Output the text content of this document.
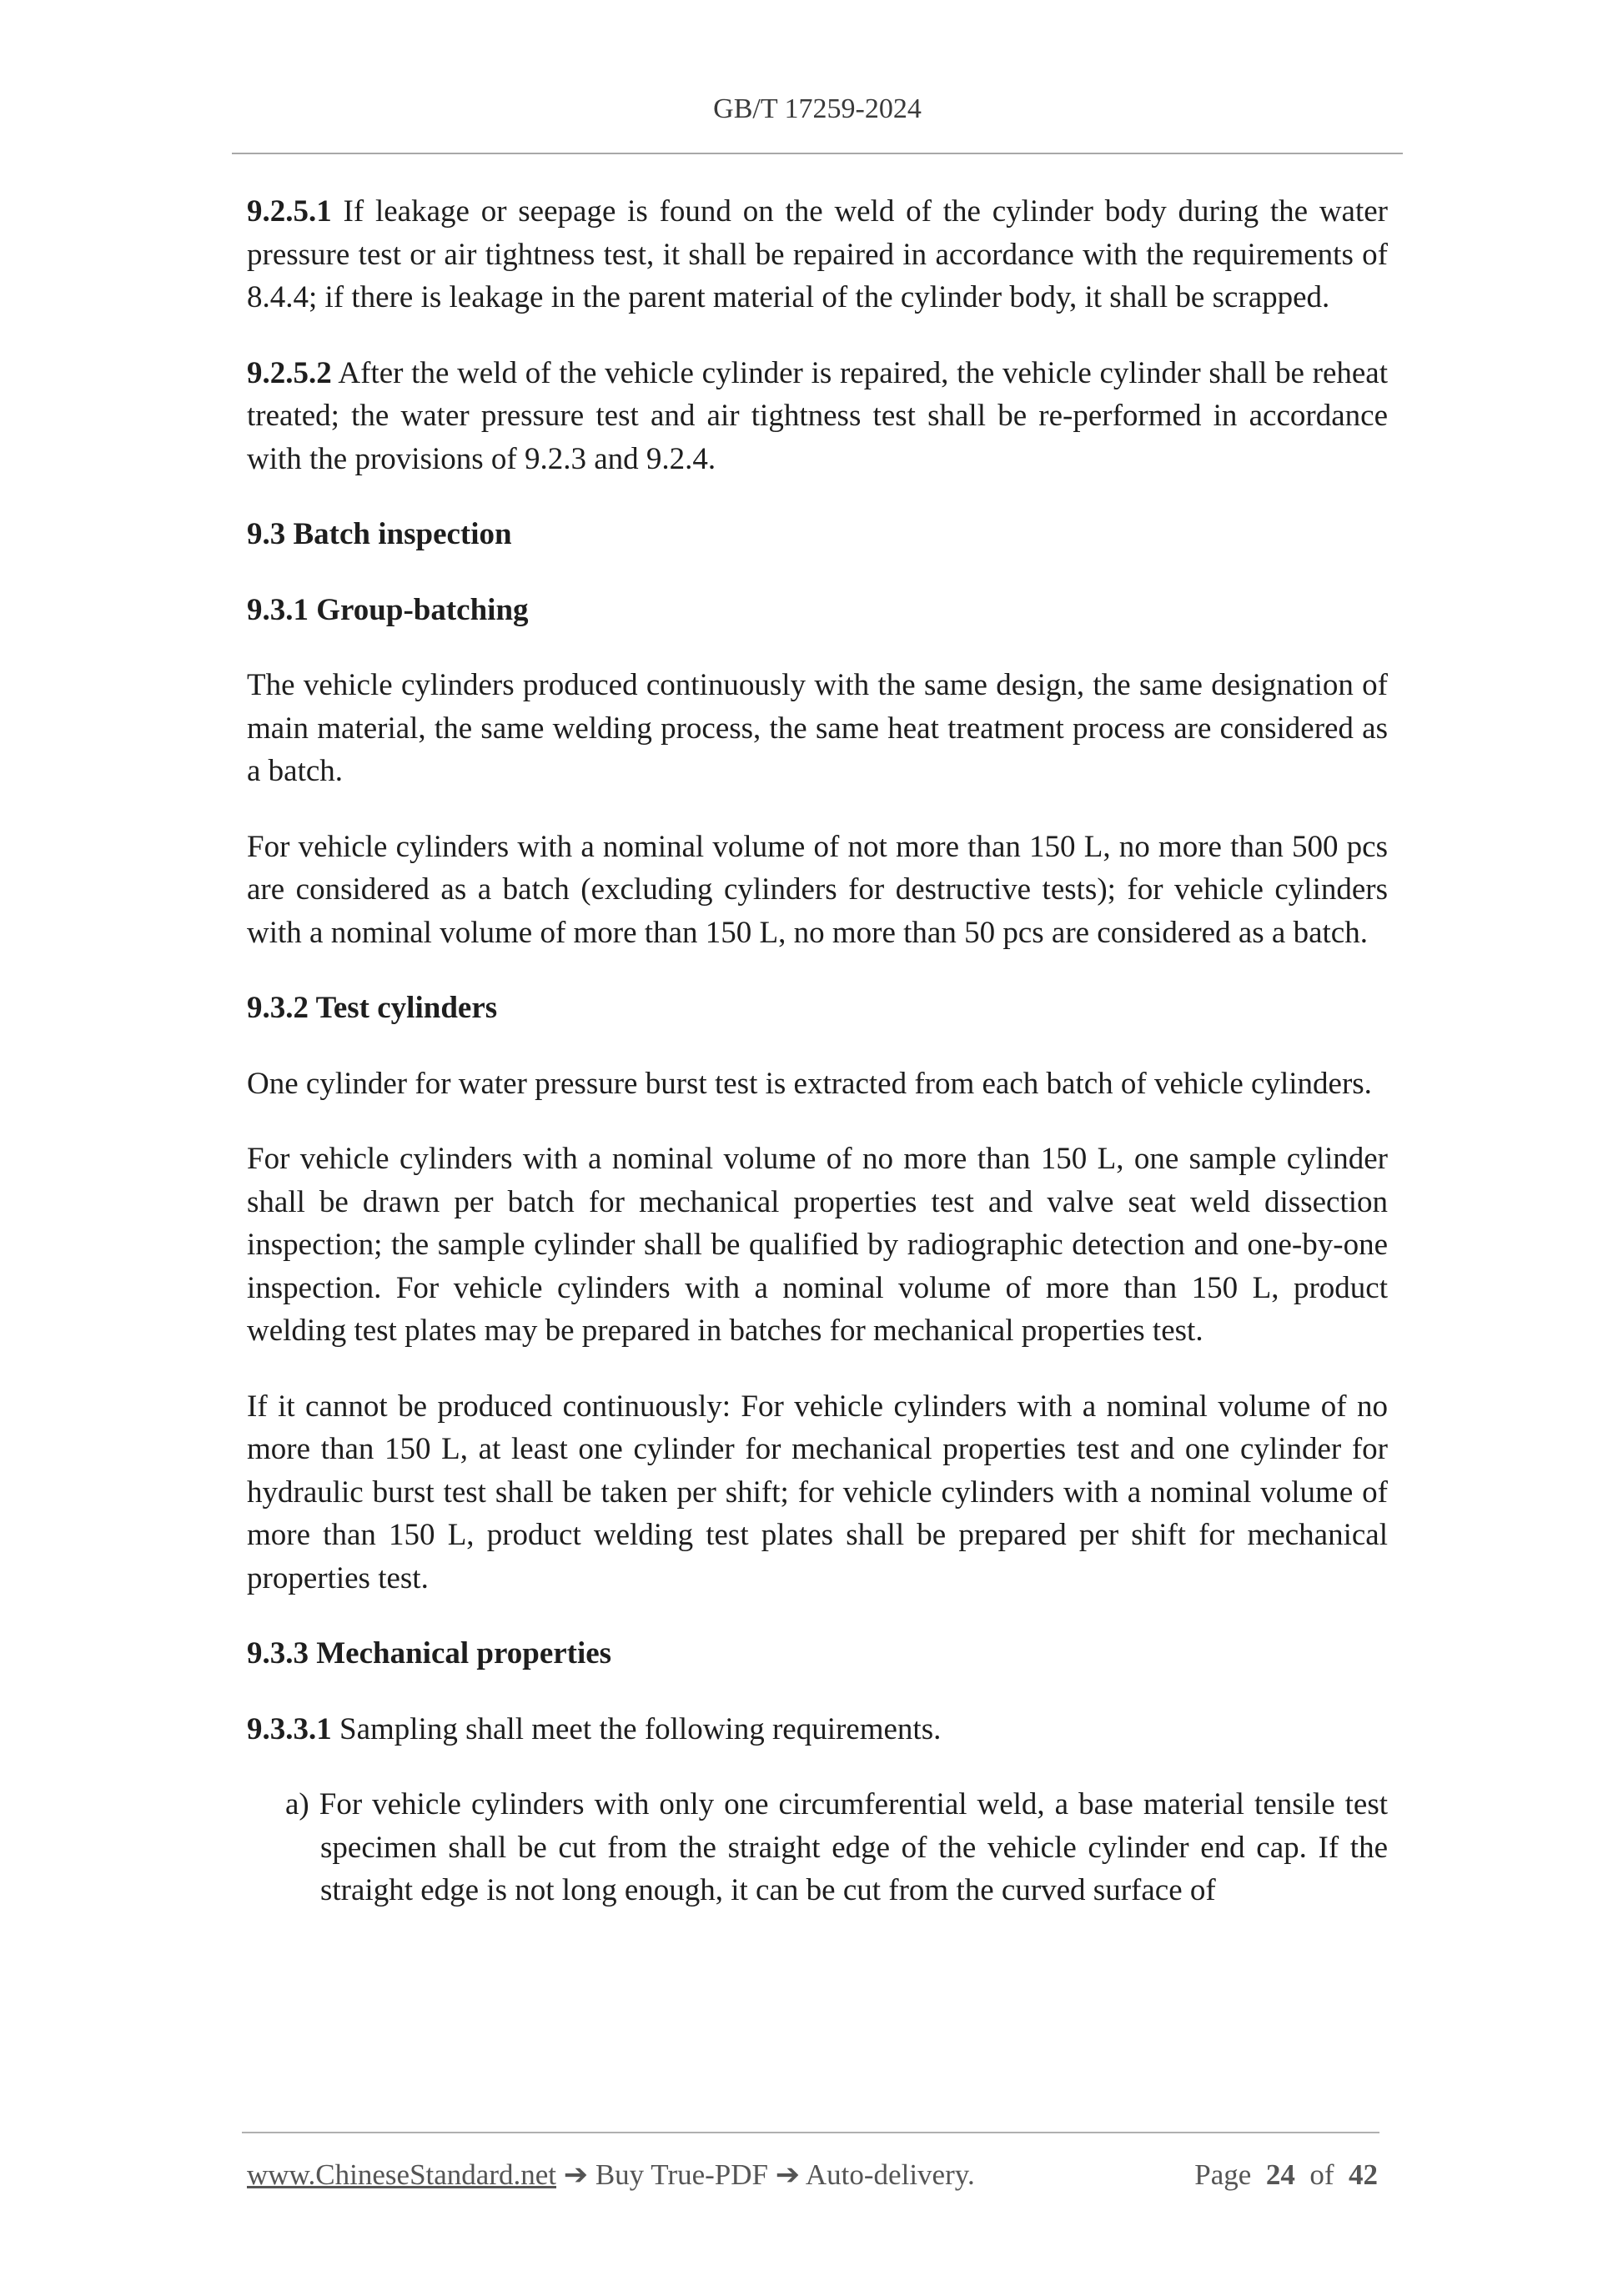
GB/T 17259-2024

9.2.5.1 If leakage or seepage is found on the weld of the cylinder body during the water pressure test or air tightness test, it shall be repaired in accordance with the requirements of 8.4.4; if there is leakage in the parent material of the cylinder body, it shall be scrapped.

9.2.5.2 After the weld of the vehicle cylinder is repaired, the vehicle cylinder shall be reheat treated; the water pressure test and air tightness test shall be re-performed in accordance with the provisions of 9.2.3 and 9.2.4.

9.3 Batch inspection

9.3.1 Group-batching

The vehicle cylinders produced continuously with the same design, the same designation of main material, the same welding process, the same heat treatment process are considered as a batch.

For vehicle cylinders with a nominal volume of not more than 150 L, no more than 500 pcs are considered as a batch (excluding cylinders for destructive tests); for vehicle cylinders with a nominal volume of more than 150 L, no more than 50 pcs are considered as a batch.

9.3.2 Test cylinders

One cylinder for water pressure burst test is extracted from each batch of vehicle cylinders.

For vehicle cylinders with a nominal volume of no more than 150 L, one sample cylinder shall be drawn per batch for mechanical properties test and valve seat weld dissection inspection; the sample cylinder shall be qualified by radiographic detection and one-by-one inspection. For vehicle cylinders with a nominal volume of more than 150 L, product welding test plates may be prepared in batches for mechanical properties test.

If it cannot be produced continuously: For vehicle cylinders with a nominal volume of no more than 150 L, at least one cylinder for mechanical properties test and one cylinder for hydraulic burst test shall be taken per shift; for vehicle cylinders with a nominal volume of more than 150 L, product welding test plates shall be prepared per shift for mechanical properties test.

9.3.3 Mechanical properties

9.3.3.1 Sampling shall meet the following requirements.

a) For vehicle cylinders with only one circumferential weld, a base material tensile test specimen shall be cut from the straight edge of the vehicle cylinder end cap. If the straight edge is not long enough, it can be cut from the curved surface of

www.ChineseStandard.net ➔ Buy True-PDF ➔ Auto-delivery.	Page 24 of 42
